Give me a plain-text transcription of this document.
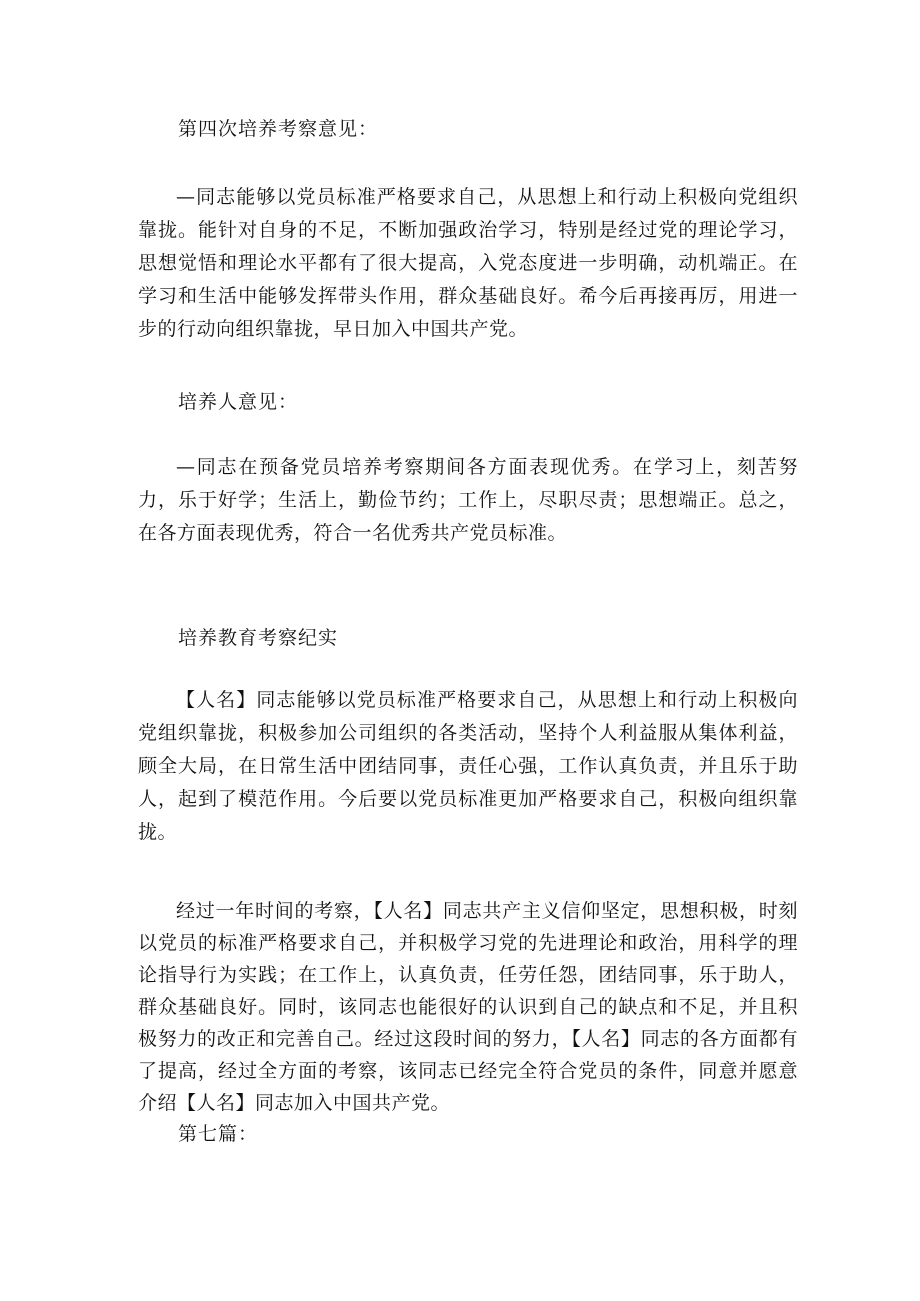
第四次培养考察意见：

—同志能够以党员标准严格要求自己，从思想上和行动上积极向党组织靠拢。能针对自身的不足，不断加强政治学习，特别是经过党的理论学习，思想觉悟和理论水平都有了很大提高，入党态度进一步明确，动机端正。在学习和生活中能够发挥带头作用，群众基础良好。希今后再接再厉，用进一步的行动向组织靠拢，早日加入中国共产党。

培养人意见：

—同志在预备党员培养考察期间各方面表现优秀。在学习上，刻苦努力，乐于好学；生活上，勤俭节约；工作上，尽职尽责；思想端正。总之，在各方面表现优秀，符合一名优秀共产党员标准。

培养教育考察纪实

【人名】同志能够以党员标准严格要求自己，从思想上和行动上积极向党组织靠拢，积极参加公司组织的各类活动，坚持个人利益服从集体利益，顾全大局，在日常生活中团结同事，责任心强，工作认真负责，并且乐于助人，起到了模范作用。今后要以党员标准更加严格要求自己，积极向组织靠拢。

经过一年时间的考察，【人名】同志共产主义信仰坚定，思想积极，时刻以党员的标准严格要求自己，并积极学习党的先进理论和政治，用科学的理论指导行为实践；在工作上，认真负责，任劳任怨，团结同事，乐于助人，群众基础良好。同时，该同志也能很好的认识到自己的缺点和不足，并且积极努力的改正和完善自己。经过这段时间的努力，【人名】同志的各方面都有了提高，经过全方面的考察，该同志已经完全符合党员的条件，同意并愿意介绍【人名】同志加入中国共产党。

第七篇：
